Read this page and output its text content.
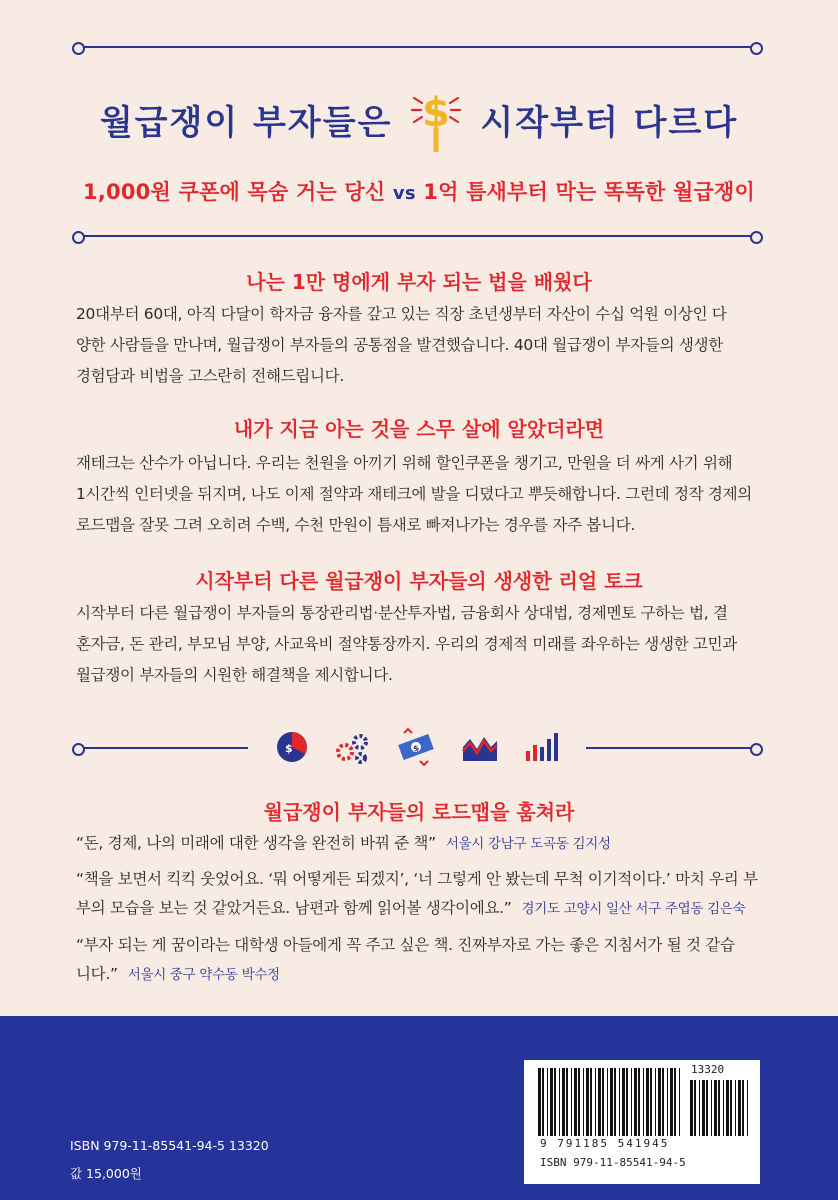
월급쟁이 부자들은 $ 시작부터 다르다
1,000원 쿠폰에 목숨 거는 당신 vs 1억 틈새부터 막는 똑똑한 월급쟁이
나는 1만 명에게 부자 되는 법을 배웠다
20대부터 60대, 아직 다달이 학자금 융자를 갚고 있는 직장 초년생부터 자산이 수십 억원 이상인 다
양한 사람들을 만나며, 월급쟁이 부자들의 공통점을 발견했습니다. 40대 월급쟁이 부자들의 생생한
경험담과 비법을 고스란히 전해드립니다.
내가 지금 아는 것을 스무 살에 알았더라면
재테크는 산수가 아닙니다. 우리는 천원을 아끼기 위해 할인쿠폰을 챙기고, 만원을 더 싸게 사기 위해
1시간씩 인터넷을 뒤지며, 나도 이제 절약과 재테크에 발을 디뎠다고 뿌듯해합니다. 그런데 정작 경제의
로드맵을 잘못 그려 오히려 수백, 수천 만원이 틈새로 빠져나가는 경우를 자주 봅니다.
시작부터 다른 월급쟁이 부자들의 생생한 리얼 토크
시작부터 다른 월급쟁이 부자들의 통장관리법·분산투자법, 금융회사 상대법, 경제멘토 구하는 법, 결
혼자금, 돈 관리, 부모님 부양, 사교육비 절약통장까지. 우리의 경제적 미래를 좌우하는 생생한 고민과
월급쟁이 부자들의 시원한 해결책을 제시합니다.
$	$
월급쟁이 부자들의 로드맵을 훔쳐라
“돈, 경제, 나의 미래에 대한 생각을 완전히 바꿔 준 책” 서울시 강남구 도곡동 김지성
“책을 보면서 킥킥 웃었어요. ‘뭐 어떻게든 되겠지’, ‘너 그렇게 안 봤는데 무척 이기적이다.’ 마치 우리 부
부의 모습을 보는 것 같았거든요. 남편과 함께 읽어볼 생각이에요.” 경기도 고양시 일산 서구 주엽동 김은숙
“부자 되는 게 꿈이라는 대학생 아들에게 꼭 주고 싶은 책. 진짜부자로 가는 좋은 지침서가 될 것 같습
니다.” 서울시 중구 약수동 박수정
ISBN 979-11-85541-94-5 13320
값 15,000원
13320
9 791185 541945
ISBN 979-11-85541-94-5
